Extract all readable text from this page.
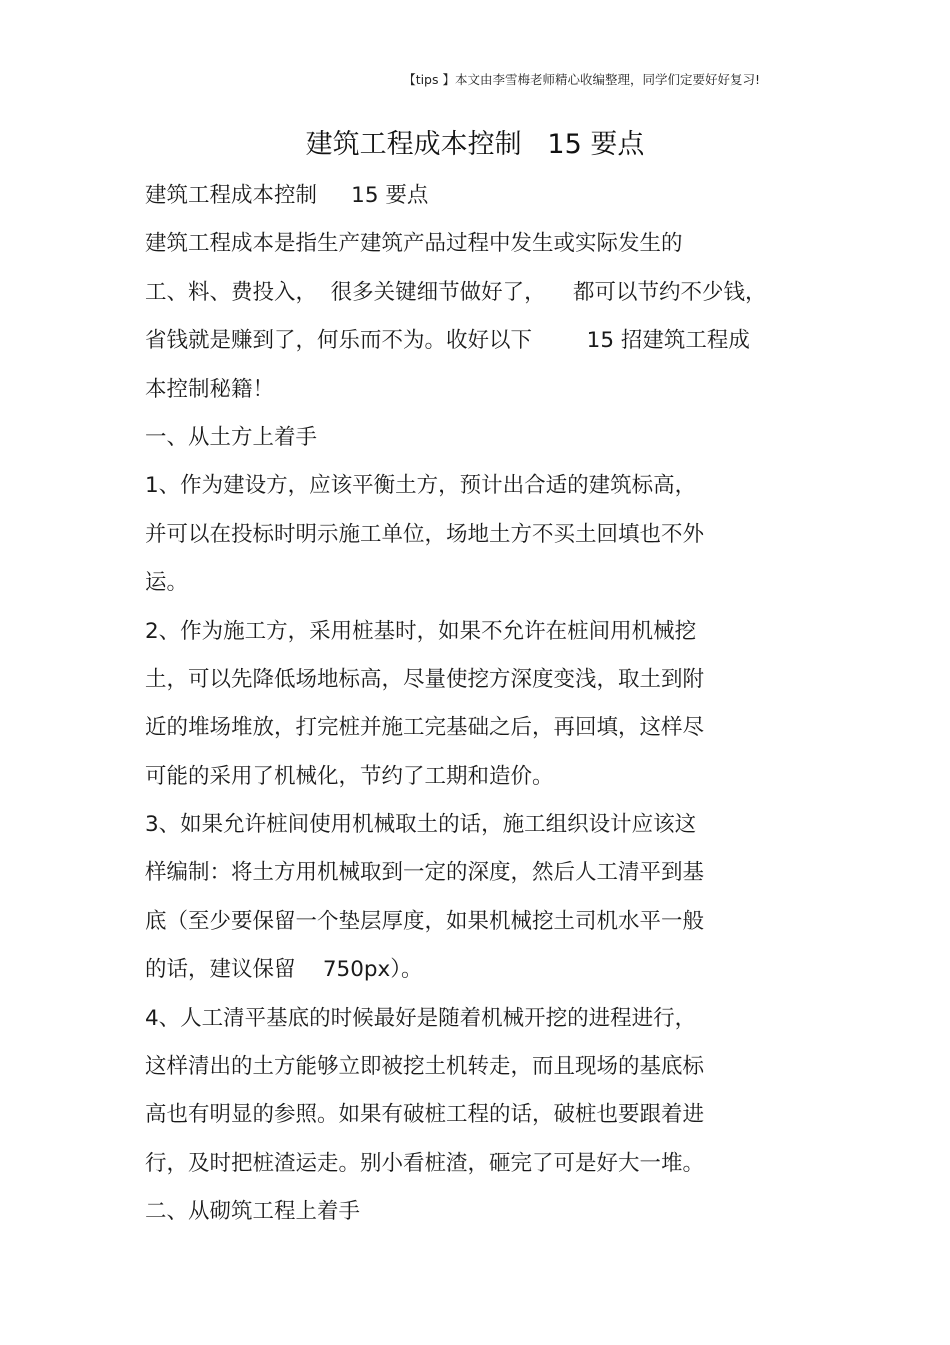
【tips 】本文由李雪梅老师精心收编整理，同学们定要好好复习!
建筑工程成本控制   15 要点
建筑工程成本控制     15 要点
建筑工程成本是指生产建筑产品过程中发生或实际发生的
工、料、费投入，  很多关键细节做好了，    都可以节约不少钱，
省钱就是赚到了，何乐而不为。收好以下        15 招建筑工程成
本控制秘籍！
一、从土方上着手
1、作为建设方，应该平衡土方，预计出合适的建筑标高，
并可以在投标时明示施工单位，场地土方不买土回填也不外
运。
2、作为施工方，采用桩基时，如果不允许在桩间用机械挖
土，可以先降低场地标高，尽量使挖方深度变浅，取土到附
近的堆场堆放，打完桩并施工完基础之后，再回填，这样尽
可能的采用了机械化，节约了工期和造价。
3、如果允许桩间使用机械取土的话，施工组织设计应该这
样编制：将土方用机械取到一定的深度，然后人工清平到基
底（至少要保留一个垫层厚度，如果机械挖土司机水平一般
的话，建议保留    750px）。
4、人工清平基底的时候最好是随着机械开挖的进程进行，
这样清出的土方能够立即被挖土机转走，而且现场的基底标
高也有明显的参照。如果有破桩工程的话，破桩也要跟着进
行，及时把桩渣运走。别小看桩渣，砸完了可是好大一堆。
二、从砌筑工程上着手
